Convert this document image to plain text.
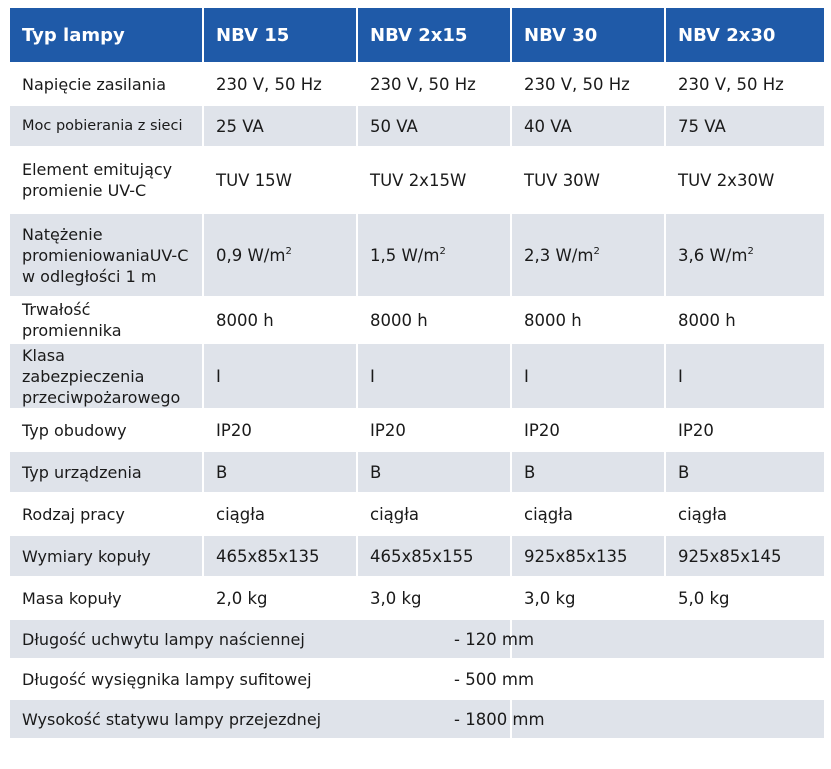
Typ lampy	NBV 15	NBV 2x15	NBV 30	NBV 2x30
Napięcie zasilania	230 V, 50 Hz	230 V, 50 Hz	230 V, 50 Hz	230 V, 50 Hz
Moc pobierania z sieci	25 VA	50 VA	40 VA	75 VA
Element emitujący
promienie UV-C	TUV 15W	TUV 2x15W	TUV 30W	TUV 2x30W
Natężenie
promieniowaniaUV-C
w odległości 1 m	0,9 $W/m^2$	1,5 $W/m^2$	2,3 $W/m^2$	3,6 $W/m^2$
Trwałość promiennika	8000 h	8000 h	8000 h	8000 h
Klasa zabezpieczenia
przeciwpożarowego	I	I	I	I
Typ obudowy	IP20	IP20	IP20	IP20
Typ urządzenia	B	B	B	B
Rodzaj pracy	ciągła	ciągła	ciągła	ciągła
Wymiary kopuły	465x85x135	465x85x155	925x85x135	925x85x145
Masa kopuły	2,0 kg	3,0 kg	3,0 kg	5,0 kg
Długość uchwytu lampy naściennej			- 120 mm	
Długość wysięgnika lampy sufitowej			- 500 mm	
Wysokość statywu lampy przejezdnej			- 1800 mm	
